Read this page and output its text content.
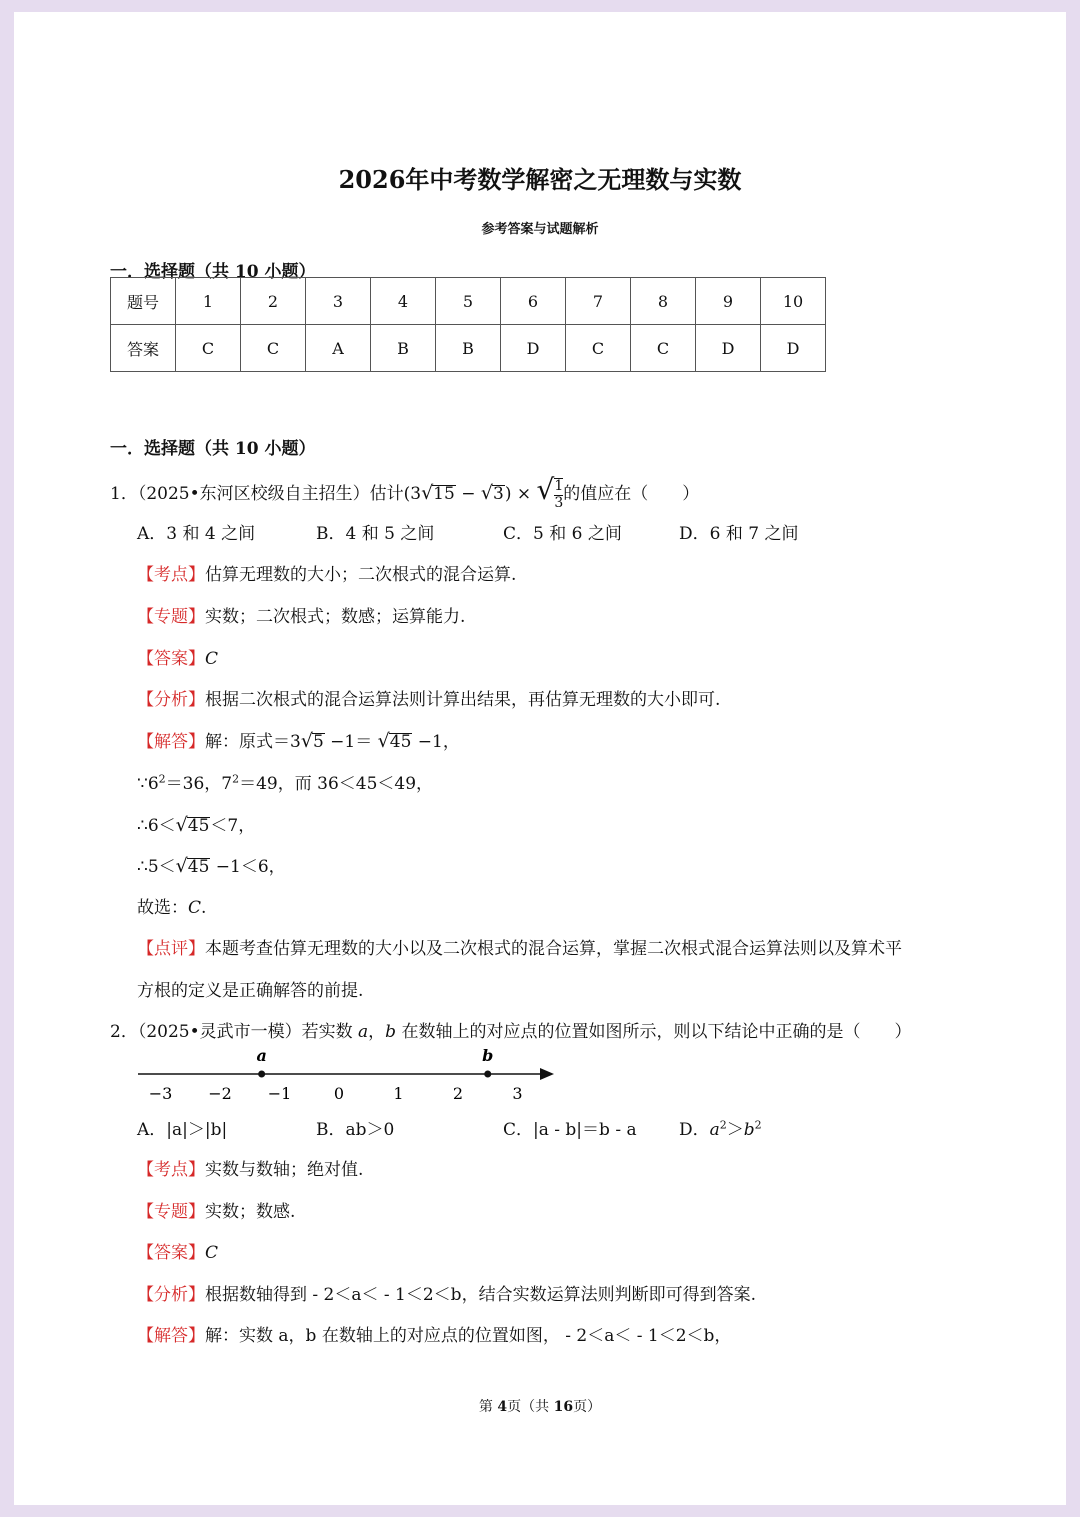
2026年中考数学解密之无理数与实数
参考答案与试题解析
一．选择题（共 10 小题）
题号	1	2	3	4	5	6	7	8	9	10
答案	C	C	A	B	B	D	C	C	D	D
一．选择题（共 10 小题）
1．（2025•东河区校级自主招生）估计(3√15 − √3) × √ $\frac{1}{3}$的值应在（　　）
A．3 和 4 之间	B．4 和 5 之间	C．5 和 6 之间	D．6 和 7 之间
【考点】估算无理数的大小；二次根式的混合运算.
【专题】实数；二次根式；数感；运算能力.
【答案】C
【分析】根据二次根式的混合运算法则计算出结果，再估算无理数的大小即可.
【解答】解：原式＝3√5 −1＝ √45 −1，
$\because 6^2=36$，$7^2=49$，而 36＜45＜49，
∴6＜√45＜7，
∴5＜√45 −1＜6，
故选：C.
【点评】本题考查估算无理数的大小以及二次根式的混合运算，掌握二次根式混合运算法则以及算术平
方根的定义是正确解答的前提.
2．（2025•灵武市一模）若实数 a，b 在数轴上的对应点的位置如图所示，则以下结论中正确的是（　　）
−3 −2 −1	0	1	2	3
a	b
A．|a|＞|b|	B．ab＞0	C．|a - b|＝b - a D．$a^2>b^2$
【考点】实数与数轴；绝对值.
【专题】实数；数感.
【答案】C
【分析】根据数轴得到 - 2＜a＜ - 1＜2＜b，结合实数运算法则判断即可得到答案.
【解答】解：实数 a，b 在数轴上的对应点的位置如图， - 2＜a＜ - 1＜2＜b，
第 4页（共 16页）
